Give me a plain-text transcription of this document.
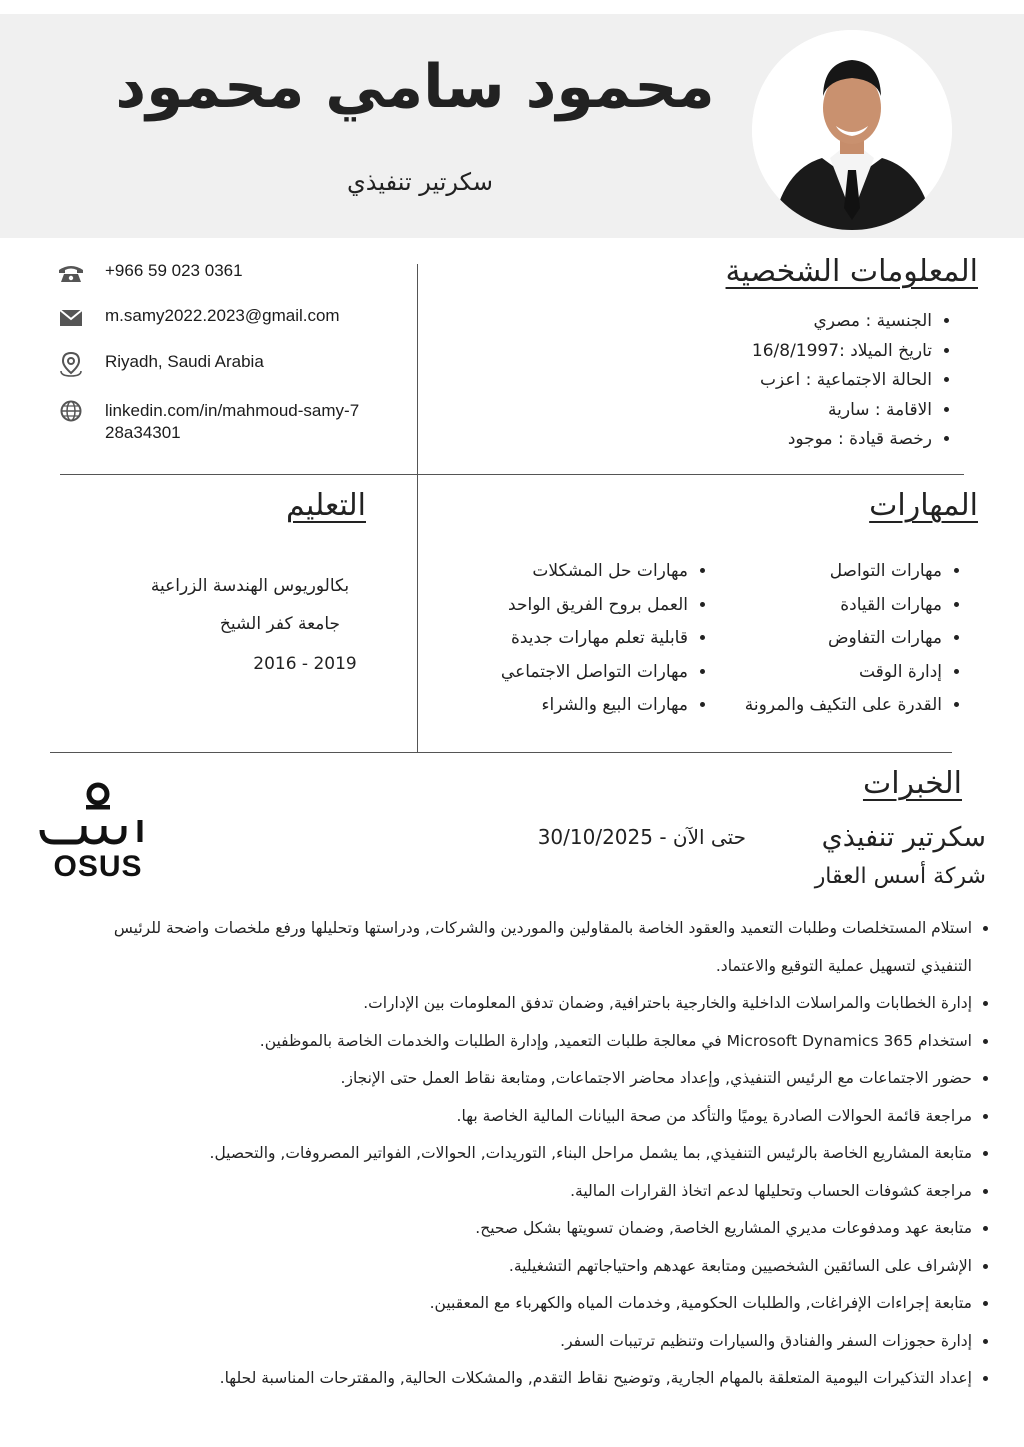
محمود سامي محمود
سكرتير تنفيذي
+966 59 023 0361
m.samy2022.2023@gmail.com
Riyadh, Saudi Arabia
linkedin.com/in/mahmoud-samy-728a34301
المعلومات الشخصية
• الجنسية : مصري
• تاريخ الميلاد :16/8/1997
• الحالة الاجتماعية : اعزب
• الاقامة : سارية
• رخصة قيادة : موجود
المهارات
• مهارات التواصل
• مهارات القيادة
• مهارات التفاوض
• إدارة الوقت
• القدرة على التكيف والمرونة
• مهارات حل المشكلات
• العمل بروح الفريق الواحد
• قابلية تعلم مهارات جديدة
• مهارات التواصل الاجتماعي
• مهارات البيع والشراء
التعليم
بكالوريوس الهندسة الزراعية
جامعة كفر الشيخ
2016 - 2019
الخبرات
سكرتير تنفيذي
حتى الآن - 30/10/2025
شركة أسس العقار
OSUS
• استلام المستخلصات وطلبات التعميد والعقود الخاصة بالمقاولين والموردين والشركات, ودراستها وتحليلها ورفع ملخصات واضحة للرئيس التنفيذي لتسهيل عملية التوقيع والاعتماد.
• إدارة الخطابات والمراسلات الداخلية والخارجية باحترافية, وضمان تدفق المعلومات بين الإدارات.
• استخدام Microsoft Dynamics 365 في معالجة طلبات التعميد, وإدارة الطلبات والخدمات الخاصة بالموظفين.
• حضور الاجتماعات مع الرئيس التنفيذي, وإعداد محاضر الاجتماعات, ومتابعة نقاط العمل حتى الإنجاز.
• مراجعة قائمة الحوالات الصادرة يوميًا والتأكد من صحة البيانات المالية الخاصة بها.
• متابعة المشاريع الخاصة بالرئيس التنفيذي, بما يشمل مراحل البناء, التوريدات, الحوالات, الفواتير المصروفات, والتحصيل.
• مراجعة كشوفات الحساب وتحليلها لدعم اتخاذ القرارات المالية.
• متابعة عهد ومدفوعات مديري المشاريع الخاصة, وضمان تسويتها بشكل صحيح.
• الإشراف على السائقين الشخصيين ومتابعة عهدهم واحتياجاتهم التشغيلية.
• متابعة إجراءات الإفراغات, والطلبات الحكومية, وخدمات المياه والكهرباء مع المعقبين.
• إدارة حجوزات السفر والفنادق والسيارات وتنظيم ترتيبات السفر.
• إعداد التذكيرات اليومية المتعلقة بالمهام الجارية, وتوضيح نقاط التقدم, والمشكلات الحالية, والمقترحات المناسبة لحلها.
